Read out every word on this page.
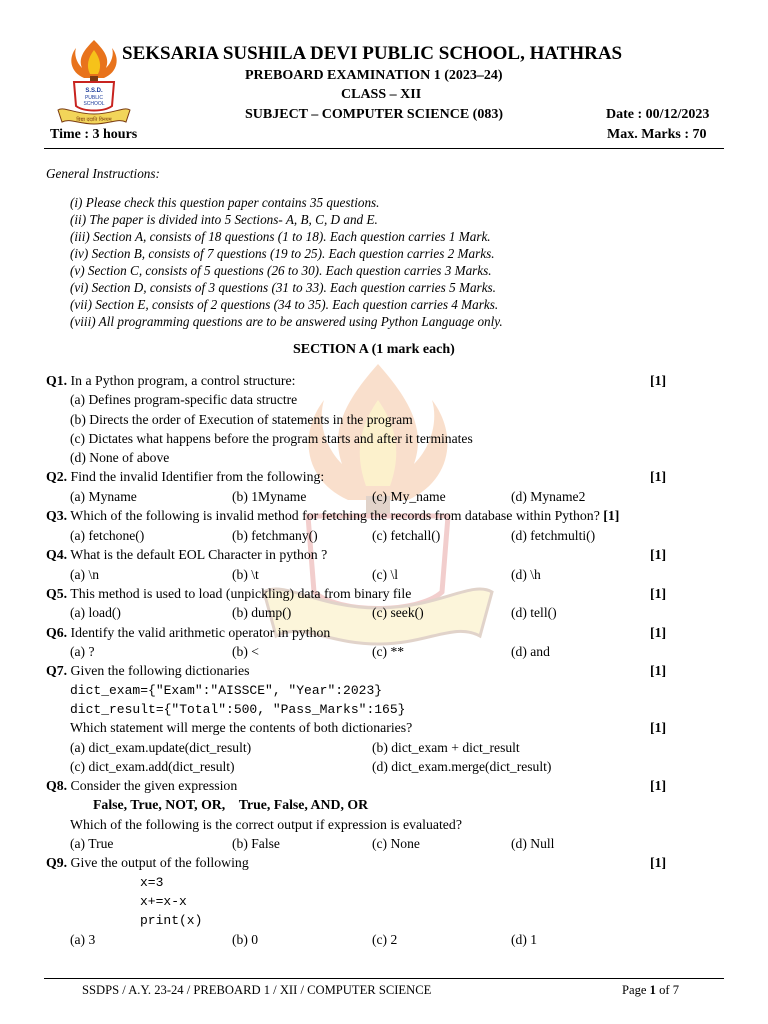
S.S.D.
PUBLIC
SCHOOL
विद्या ददाति विनयम्
SEKSARIA SUSHILA DEVI PUBLIC SCHOOL, HATHRAS
PREBOARD EXAMINATION 1 (2023–24)
CLASS – XII
SUBJECT – COMPUTER SCIENCE (083)	Date : 00/12/2023
Time : 3 hours	Max. Marks : 70
General Instructions:
(i) Please check this question paper contains 35 questions.
(ii) The paper is divided into 5 Sections- A, B, C, D and E.
(iii) Section A, consists of 18 questions (1 to 18). Each question carries 1 Mark.
(iv) Section B, consists of 7 questions (19 to 25). Each question carries 2 Marks.
(v) Section C, consists of 5 questions (26 to 30). Each question carries 3 Marks.
(vi) Section D, consists of 3 questions (31 to 33). Each question carries 5 Marks.
(vii) Section E, consists of 2 questions (34 to 35). Each question carries 4 Marks.
(viii) All programming questions are to be answered using Python Language only.
SECTION A (1 mark each)
Q1. In a Python program, a control structure:	[1]
(a) Defines program-specific data structre
(b) Directs the order of Execution of statements in the program
(c) Dictates what happens before the program starts and after it terminates
(d) None of above
Q2. Find the invalid Identifier from the following:	[1]
(a) Myname	(b) 1Myname	(c) My_name	(d) Myname2
Q3. Which of the following is invalid method for fetching the records from database within Python? [1]
(a) fetchone()	(b) fetchmany()	(c) fetchall()	(d) fetchmulti()
Q4. What is the default EOL Character in python ?	[1]
(a) \n	(b) \t	(c) \l	(d) \h
Q5. This method is used to load (unpickling) data from binary file	[1]
(a) load()	(b) dump()	(c) seek()	(d) tell()
Q6. Identify the valid arithmetic operator in python	[1]
(a) ?	(b) <	(c) **	(d) and
Q7. Given the following dictionaries	[1]
dict_exam={"Exam":"AISSCE", "Year":2023}
dict_result={"Total":500, "Pass_Marks":165}
Which statement will merge the contents of both dictionaries?	[1]
(a) dict_exam.update(dict_result)	(b) dict_exam + dict_result
(c) dict_exam.add(dict_result)	(d) dict_exam.merge(dict_result)
Q8. Consider the given expression	[1]
False, True, NOT, OR,    True, False, AND, OR
Which of the following is the correct output if expression is evaluated?
(a) True	(b) False	(c) None	(d) Null
Q9. Give the output of the following	[1]
x=3
x+=x-x
print(x)
(a) 3	(b) 0	(c) 2	(d) 1
SSDPS / A.Y. 23-24 / PREBOARD 1 / XII / COMPUTER SCIENCE	Page 1 of 7
